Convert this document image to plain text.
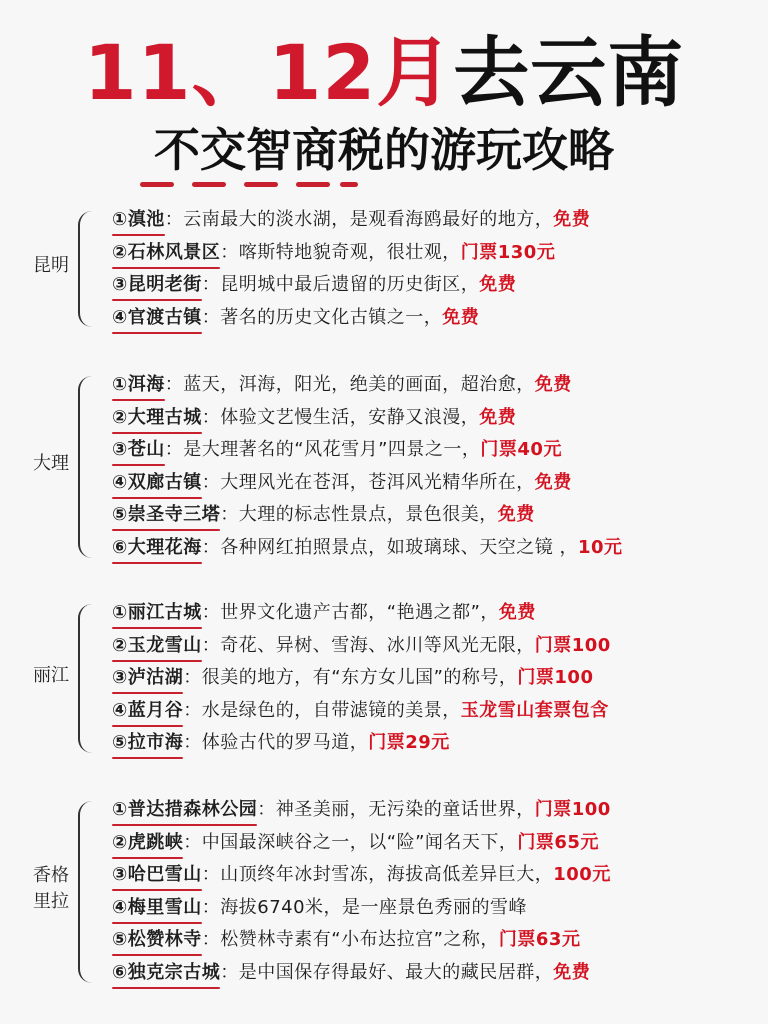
11、12月去云南
不交智商税的游玩攻略
昆明
①滇池：云南最大的淡水湖，是观看海鸥最好的地方，免费
②石林风景区：喀斯特地貌奇观，很壮观，门票130元
③昆明老街：昆明城中最后遗留的历史街区，免费
④官渡古镇：著名的历史文化古镇之一，免费
大理
①洱海：蓝天，洱海，阳光，绝美的画面，超治愈，免费
②大理古城：体验文艺慢生活，安静又浪漫，免费
③苍山：是大理著名的“风花雪月”四景之一，门票40元
④双廊古镇：大理风光在苍洱，苍洱风光精华所在，免费
⑤崇圣寺三塔：大理的标志性景点，景色很美，免费
⑥大理花海：各种网红拍照景点，如玻璃球、天空之镜 ，10元
丽江
①丽江古城：世界文化遗产古都，“艳遇之都”，免费
②玉龙雪山：奇花、异树、雪海、冰川等风光无限，门票100
③泸沽湖：很美的地方，有“东方女儿国”的称号，门票100
④蓝月谷：水是绿色的，自带滤镜的美景，玉龙雪山套票包含
⑤拉市海：体验古代的罗马道，门票29元
香格里拉
①普达措森林公园：神圣美丽，无污染的童话世界，门票100
②虎跳峡：中国最深峡谷之一，以“险”闻名天下，门票65元
③哈巴雪山：山顶终年冰封雪冻，海拔高低差异巨大，100元
④梅里雪山：海拔6740米，是一座景色秀丽的雪峰
⑤松赞林寺：松赞林寺素有“小布达拉宫”之称，门票63元
⑥独克宗古城：是中国保存得最好、最大的藏民居群，免费
